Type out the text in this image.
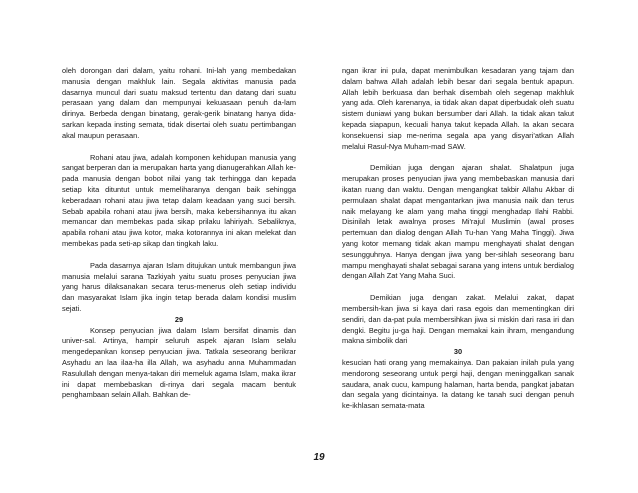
oleh dorongan dari dalam, yaitu rohani. Ini-lah yang membedakan manusia dengan makhluk lain. Segala aktivitas manusia pada dasarnya muncul dari suatu maksud tertentu dan datang dari suatu perasaan yang dalam dan mempunyai kekuasaan penuh da-lam dirinya. Berbeda dengan binatang, gerak-gerik binatang hanya dida-sarkan kepada insting semata, tidak disertai oleh suatu pertimbangan akal maupun perasaan.

Rohani atau jiwa, adalah komponen kehidupan manusia yang sangat berperan dan ia merupakan harta yang dianugerahkan Allah ke-pada manusia dengan bobot nilai yang tak terhingga dan kepada setiap kita dituntut untuk memeliharanya dengan baik sehingga keberadaan rohani atau jiwa tetap dalam keadaan yang suci bersih. Sebab apabila rohani atau jiwa bersih, maka kebersihannya itu akan memancar dan membekas pada sikap prilaku lahiriyah. Sebaliknya, apabila rohani atau jiwa kotor, maka kotorannya ini akan melekat dan membekas pada seti-ap sikap dan tingkah laku.

Pada dasarnya ajaran Islam ditujukan untuk membangun jiwa manusia melalui sarana Tazkiyah yaitu suatu proses penyucian jiwa yang harus dilaksanakan secara terus-menerus oleh setiap individu dan masyarakat Islam jika ingin tetap berada dalam kondisi muslim sejati.

29

Konsep penyucian jiwa dalam Islam bersifat dinamis dan univer-sal. Artinya, hampir seluruh aspek ajaran Islam selalu mengedepankan konsep penyucian jiwa. Tatkala seseorang berikrar Asyhadu an laa ilaa-ha illa Allah, wa asyhadu anna Muhammadan Rasulullah dengan menya-takan diri memeluk agama Islam, maka ikrar ini dapat membebaskan di-rinya dari segala macam bentuk penghambaan selain Allah. Bahkan de-

ngan ikrar ini pula, dapat menimbulkan kesadaran yang tajam dan dalam bahwa Allah adalah lebih besar dari segala bentuk apapun. Allah lebih berkuasa dan berhak disembah oleh segenap makhluk yang ada. Oleh karenanya, ia tidak akan dapat diperbudak oleh suatu sistem duniawi yang bukan bersumber dari Allah. Ia tidak akan takut kepada siapapun, kecuali hanya takut kepada Allah. Ia akan secara konsekuensi siap me-nerima segala apa yang disyari’atkan Allah melalui Rasul-Nya Muham-mad SAW.

Demikian juga dengan ajaran shalat. Shalatpun juga merupakan proses penyucian jiwa yang membebaskan manusia dari ikatan ruang dan waktu. Dengan mengangkat takbir Allahu Akbar di permulaan shalat dapat mengantarkan jiwa manusia naik dan terus naik melayang ke alam yang maha tinggi menghadap Ilahi Rabbi. Disinilah letak awalnya proses Mi'rajul Muslimin (awal proses pertemuan dan dialog dengan Allah Tu-han Yang Maha Tinggi). Jiwa yang kotor memang tidak akan mampu menghayati shalat dengan sesungguhnya. Hanya dengan jiwa yang ber-sihlah seseorang baru mampu menghayati shalat sebagai sarana yang intens untuk berdialog dengan Allah Zat Yang Maha Suci.

Demikian juga dengan zakat. Melalui zakat, dapat membersih-kan jiwa si kaya dari rasa egois dan mementingkan diri sendiri, dan da-pat pula membersihkan jiwa si miskin dari rasa iri dan dengki. Begitu ju-ga haji. Dengan memakai kain ihram, mengandung makna simbolik dari

30

kesucian hati orang yang memakainya. Dan pakaian inilah pula yang mendorong seseorang untuk pergi haji, dengan meninggalkan sanak saudara, anak cucu, kampung halaman, harta benda, pangkat jabatan dan segala yang dicintainya. Ia datang ke tanah suci dengan penuh ke-ikhlasan semata-mata

19
